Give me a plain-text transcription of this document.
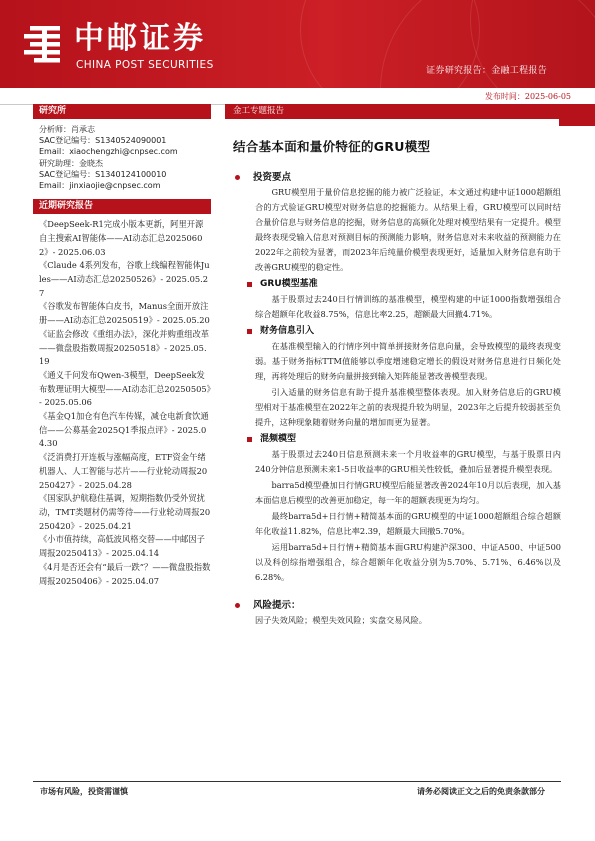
中邮证券
CHINA POST SECURITIES	证券研究报告：金融工程报告
发布时间：2025-06-05
研究所
分析师：肖承志
SAC登记编号：S1340524090001
Email：xiaochengzhi@cnpsec.com
研究助理：金晓杰
SAC登记编号：S1340124100010
Email：jinxiaojie@cnpsec.com
近期研究报告
《DeepSeek-R1完成小版本更新，阿里开源自主搜索AI智能体——AI动态汇总20250602》- 2025.06.03
《Claude 4系列发布，谷歌上线编程智能体Jules——AI动态汇总20250526》- 2025.05.27
《谷歌发布智能体白皮书，Manus全面开放注册——AI动态汇总20250519》- 2025.05.20
《证监会修改《重组办法》，深化并购重组改革——微盘股指数周报20250518》- 2025.05.19
《通义千问发布Qwen-3模型，DeepSeek发布数理证明大模型——AI动态汇总20250505》- 2025.05.06
《基金Q1加仓有色汽车传媒，减仓电新食饮通信——公募基金2025Q1季报点评》- 2025.04.30
《泛消费打开连板与涨幅高度，ETF资金午绪机器人、人工智能与芯片——行业轮动周报20250427》- 2025.04.28
《国家队护航稳住基调，短期指数仍受外贸扰动，TMT类题材仍需等待——行业轮动周报20250420》- 2025.04.21
《小市值持续，高低波风格交替——中邮因子周报20250413》- 2025.04.14
《4月是否还会有“最后一跌”？——微盘股指数周报20250406》- 2025.04.07
金工专题报告
结合基本面和量价特征的GRU模型
投资要点

GRU模型用于量价信息挖掘的能力被广泛验证，本文通过构建中证1000超额组合的方式验证GRU模型对财务信息的挖掘能力。从结果上看，GRU模型可以同时结合量价信息与财务信息的挖掘，财务信息的高频化处理对模型结果有一定提升。模型最终表现受输入信息对预测目标的预测能力影响，财务信息对未来收益的预测能力在2022年之前较为显著，而2023年后纯量价模型表现更好，适量加入财务信息有助于改善GRU模型的稳定性。

GRU模型基准

基于股票过去240日行情训练的基准模型，模型构建的中证1000指数增强组合综合超额年化收益8.75%，信息比率2.25，超额最大回撤4.71%。

财务信息引入

在基准模型输入的行情序列中简单拼接财务信息向量，会导致模型的最终表现变弱。基于财务指标TTM值能够以季度增速稳定增长的假设对财务信息进行日频化处理，再将处理后的财务向量拼接到输入矩阵能显著改善模型表现。

引入适量的财务信息有助于提升基准模型整体表现。加入财务信息后的GRU模型相对于基准模型在2022年之前的表现提升较为明显，2023年之后提升较弱甚至负提升，这种现象随着财务向量的增加而更为显著。

混频模型

基于股票过去240日信息预测未来一个月收益率的GRU模型，与基于股票日内240分钟信息预测未来1-5日收益率的GRU相关性较低，叠加后显著提升模型表现。

barra5d模型叠加日行情GRU模型后能显著改善2024年10月以后表现，加入基本面信息后模型的改善更加稳定，每一年的超额表现更为均匀。

最终barra5d+日行情+精简基本面的GRU模型的中证1000超额组合综合超额年化收益11.82%，信息比率2.39，超额最大回撤5.70%。

运用barra5d+日行情+精简基本面GRU构建沪深300、中证A500、中证500以及科创综指增强组合，综合超额年化收益分别为5.70%、5.71%、6.46%以及6.28%。

风险提示：

因子失效风险；模型失效风险；实盘交易风险。

市场有风险，投资需谨慎	请务必阅读正文之后的免责条款部分
